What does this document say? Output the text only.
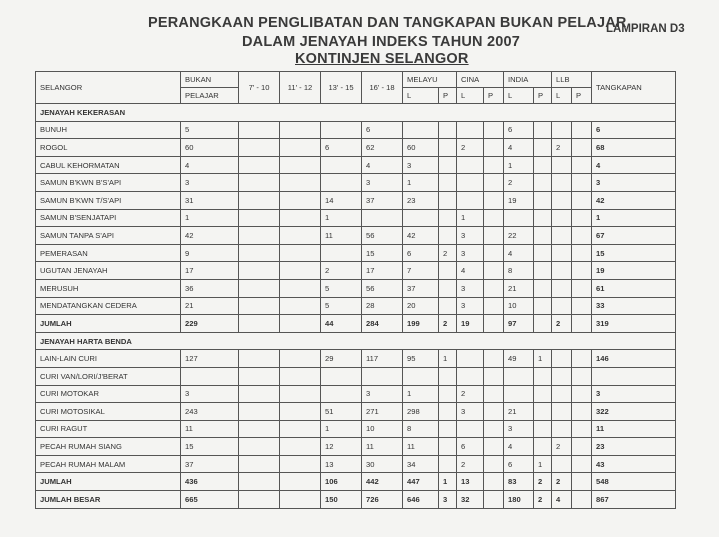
PERANGKAAN PENGLIBATAN DAN TANGKAPAN BUKAN PELAJAR
LAMPIRAN D3
DALAM JENAYAH INDEKS TAHUN 2007
KONTINJEN SELANGOR
SELANGOR	BUKAN	7' - 10	11' - 12	13' - 15	16' - 18	MELAYU		CINA		INDIA		LLB		TANGKAPAN
	PELAJAR					L	P	L	P	L	P	L	P	
JENAYAH KEKERASAN														
BUNUH	5				6					6				6
ROGOL	60			6	62	60		2		4		2		68
CABUL KEHORMATAN	4				4	3				1				4
SAMUN B'KWN B'S'API	3				3	1				2				3
SAMUN B'KWN T/S'API	31			14	37	23				19				42
SAMUN B'SENJATAPI	1			1				1						1
SAMUN TANPA S'API	42			11	56	42		3		22				67
PEMERASAN	9				15	6	2	3		4				15
UGUTAN JENAYAH	17			2	17	7		4		8				19
MERUSUH	36			5	56	37		3		21				61
MENDATANGKAN CEDERA	21			5	28	20		3		10				33
JUMLAH	229			44	284	199	2	19		97		2		319
JENAYAH HARTA BENDA														
LAIN-LAIN CURI	127			29	117	95	1			49	1			146
CURI VAN/LORI/J'BERAT														
CURI MOTOKAR	3				3	1		2						3
CURI MOTOSIKAL	243			51	271	298		3		21				322
CURI RAGUT	11			1	10	8				3				11
PECAH RUMAH SIANG	15			12	11	11		6		4		2		23
PECAH RUMAH MALAM	37			13	30	34		2		6	1			43
JUMLAH	436			106	442	447	1	13		83	2	2		548
JUMLAH BESAR	665			150	726	646	3	32		180	2	4		867
